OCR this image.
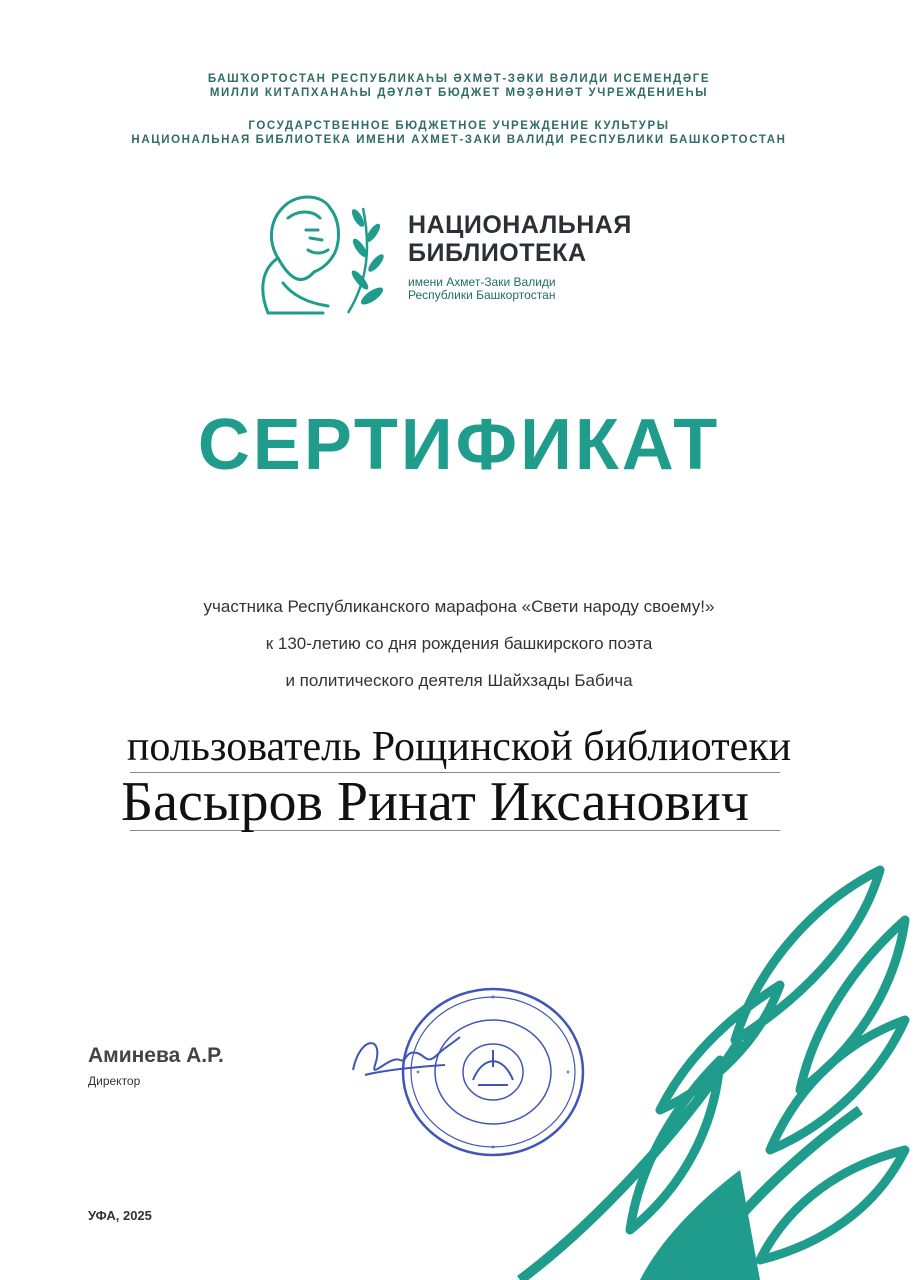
БАШҠОРТОСТАН РЕСПУБЛИКАҺЫ ӘХМӘТ-ЗӘКИ ВӘЛИДИ ИСЕМЕНДӘГЕ
МИЛЛИ КИТАПХАНАҺЫ ДӘҮЛӘТ БЮДЖЕТ МӘҘӘНИӘТ УЧРЕЖДЕНИЕҺЫ
ГОСУДАРСТВЕННОЕ БЮДЖЕТНОЕ УЧРЕЖДЕНИЕ КУЛЬТУРЫ
НАЦИОНАЛЬНАЯ БИБЛИОТЕКА ИМЕНИ АХМЕТ-ЗАКИ ВАЛИДИ РЕСПУБЛИКИ БАШКОРТОСТАН
НАЦИОНАЛЬНАЯ
БИБЛИОТЕКА
имени Ахмет-Заки Валиди
Республики Башкортостан
СЕРТИФИКАТ
участника Республиканского марафона «Свети народу своему!»
к 130-летию со дня рождения башкирского поэта
и политического деятеля Шайхзады Бабича
пользователь Рощинской библиотеки
Басыров Ринат Иксанович
Аминева А.Р.
Директор
УФА, 2025
